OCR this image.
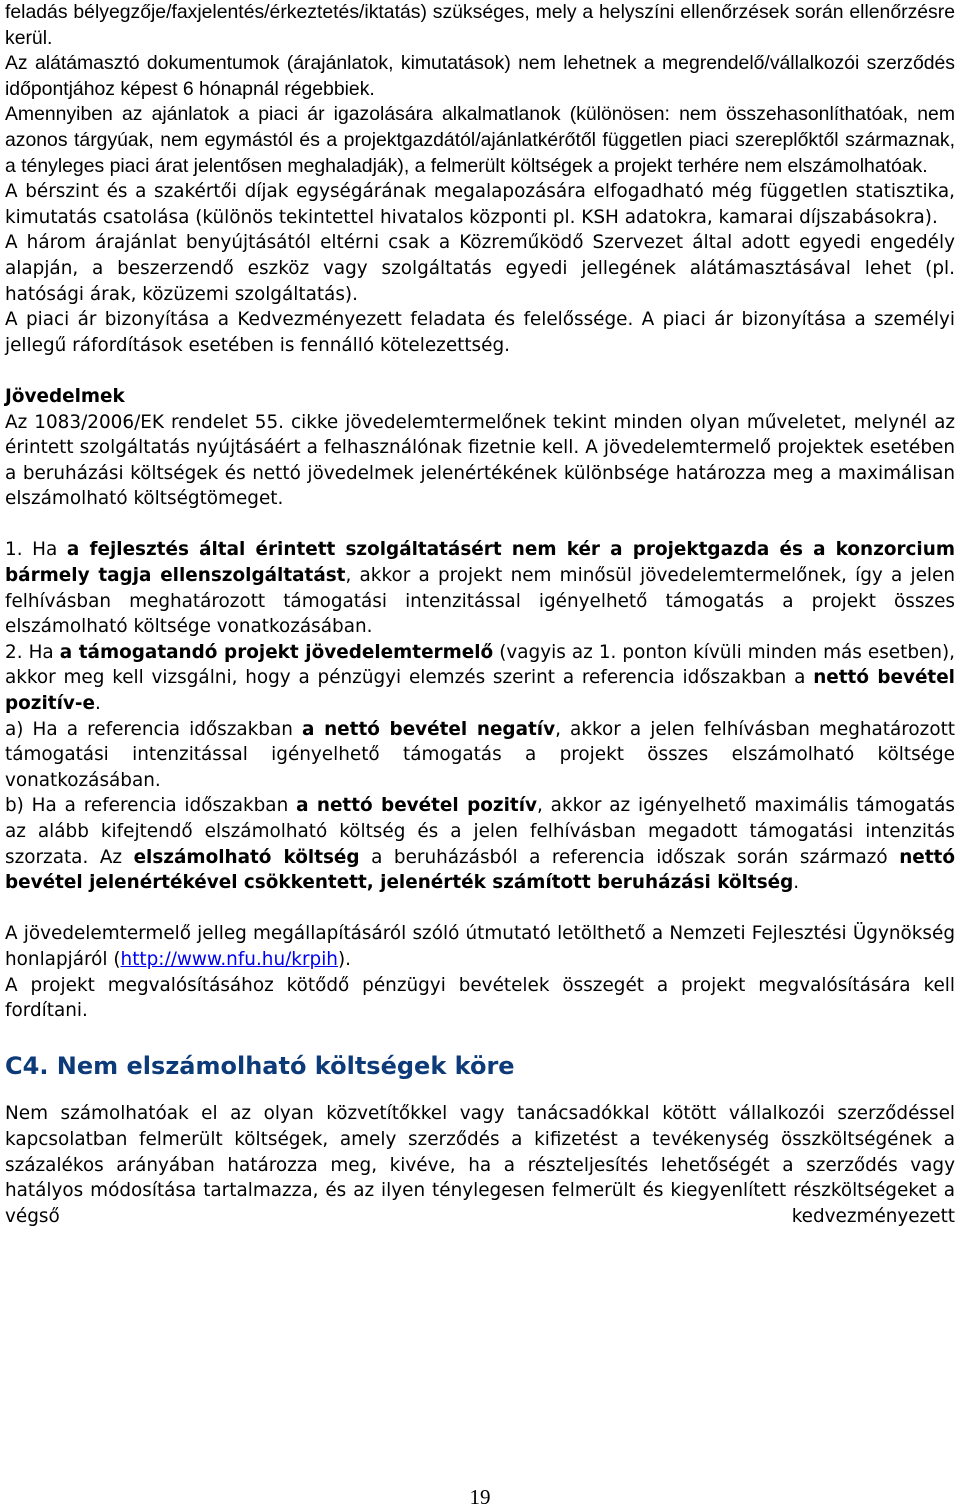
feladás bélyegzője/faxjelentés/érkeztetés/iktatás) szükséges, mely a helyszíni ellenőrzések során ellenőrzésre kerül.

Az alátámasztó dokumentumok (árajánlatok, kimutatások) nem lehetnek a megrendelő/vállalkozói szerződés időpontjához képest 6 hónapnál régebbiek.

Amennyiben az ajánlatok a piaci ár igazolására alkalmatlanok (különösen: nem összehasonlíthatóak, nem azonos tárgyúak, nem egymástól és a projektgazdától/ajánlatkérőtől független piaci szereplőktől származnak, a tényleges piaci árat jelentősen meghaladják), a felmerült költségek a projekt terhére nem elszámolhatóak.

A bérszint és a szakértői díjak egységárának megalapozására elfogadható még független statisztika, kimutatás csatolása (különös tekintettel hivatalos központi pl. KSH adatokra, kamarai díjszabásokra).

A három árajánlat benyújtásától eltérni csak a Közreműködő Szervezet által adott egyedi engedély alapján, a beszerzendő eszköz vagy szolgáltatás egyedi jellegének alátámasztásával lehet (pl. hatósági árak, közüzemi szolgáltatás).

A piaci ár bizonyítása a Kedvezményezett feladata és felelőssége. A piaci ár bizonyítása a személyi jellegű ráfordítások esetében is fennálló kötelezettség.

Jövedelmek

Az 1083/2006/EK rendelet 55. cikke jövedelemtermelőnek tekint minden olyan műveletet, melynél az érintett szolgáltatás nyújtásáért a felhasználónak fizetnie kell. A jövedelemtermelő projektek esetében a beruházási költségek és nettó jövedelmek jelenértékének különbsége határozza meg a maximálisan elszámolható költségtömeget.

1. Ha a fejlesztés által érintett szolgáltatásért nem kér a projektgazda és a konzorcium bármely tagja ellenszolgáltatást, akkor a projekt nem minősül jövedelemtermelőnek, így a jelen felhívásban meghatározott támogatási intenzitással igényelhető támogatás a projekt összes elszámolható költsége vonatkozásában.

2. Ha a támogatandó projekt jövedelemtermelő (vagyis az 1. ponton kívüli minden más esetben), akkor meg kell vizsgálni, hogy a pénzügyi elemzés szerint a referencia időszakban a nettó bevétel pozitív-e.

a) Ha a referencia időszakban a nettó bevétel negatív, akkor a jelen felhívásban meghatározott támogatási intenzitással igényelhető támogatás a projekt összes elszámolható költsége vonatkozásában.

b) Ha a referencia időszakban a nettó bevétel pozitív, akkor az igényelhető maximális támogatás az alább kifejtendő elszámolható költség és a jelen felhívásban megadott támogatási intenzitás szorzata. Az elszámolható költség a beruházásból a referencia időszak során származó nettó bevétel jelenértékével csökkentett, jelenérték számított beruházási költség.

A jövedelemtermelő jelleg megállapításáról szóló útmutató letölthető a Nemzeti Fejlesztési Ügynökség honlapjáról (http://www.nfu.hu/krpih).

A projekt megvalósításához kötődő pénzügyi bevételek összegét a projekt megvalósítására kell fordítani.

C4. Nem elszámolható költségek köre

Nem számolhatóak el az olyan közvetítőkkel vagy tanácsadókkal kötött vállalkozói szerződéssel kapcsolatban felmerült költségek, amely szerződés a kifizetést a tevékenység összköltségének a százalékos arányában határozza meg, kivéve, ha a részteljesítés lehetőségét a szerződés vagy hatályos módosítása tartalmazza, és az ilyen ténylegesen felmerült és kiegyenlített részköltségeket a végső kedvezményezett

19
